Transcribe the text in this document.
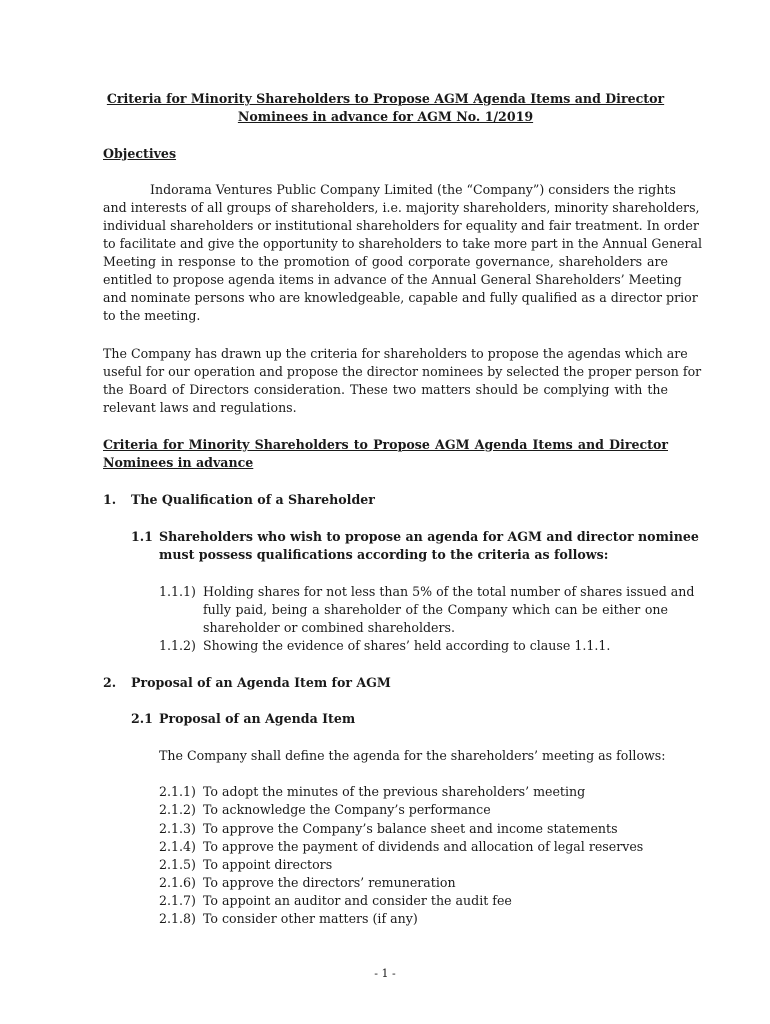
Criteria for Minority Shareholders to Propose AGM Agenda Items and Director
Nominees in advance for AGM No. 1/2019
Objectives
Indorama Ventures Public Company Limited (the “Company”) considers the rights
and interests of all groups of shareholders, i.e. majority shareholders, minority shareholders,
individual shareholders or institutional shareholders for equality and fair treatment. In order
to facilitate and give the opportunity to shareholders to take more part in the Annual General
Meeting in response to the promotion of good corporate governance, shareholders are
entitled to propose agenda items in advance of the Annual General Shareholders’ Meeting
and nominate persons who are knowledgeable, capable and fully qualified as a director prior
to the meeting.
The Company has drawn up the criteria for shareholders to propose the agendas which are
useful for our operation and propose the director nominees by selected the proper person for
the Board of Directors consideration. These two matters should be complying with the
relevant laws and regulations.
Criteria for Minority Shareholders to Propose AGM Agenda Items and Director
Nominees in advance
1. The Qualification of a Shareholder
1.1 Shareholders who wish to propose an agenda for AGM and director nominee
must possess qualifications according to the criteria as follows:
1.1.1) Holding shares for not less than 5% of the total number of shares issued and
fully paid, being a shareholder of the Company which can be either one
shareholder or combined shareholders.
1.1.2) Showing the evidence of shares’ held according to clause 1.1.1.
2. Proposal of an Agenda Item for AGM
2.1 Proposal of an Agenda Item
The Company shall define the agenda for the shareholders’ meeting as follows:
2.1.1) To adopt the minutes of the previous shareholders’ meeting
2.1.2) To acknowledge the Company’s performance
2.1.3) To approve the Company’s balance sheet and income statements
2.1.4) To approve the payment of dividends and allocation of legal reserves
2.1.5) To appoint directors
2.1.6) To approve the directors’ remuneration
2.1.7) To appoint an auditor and consider the audit fee
2.1.8) To consider other matters (if any)
- 1 -
